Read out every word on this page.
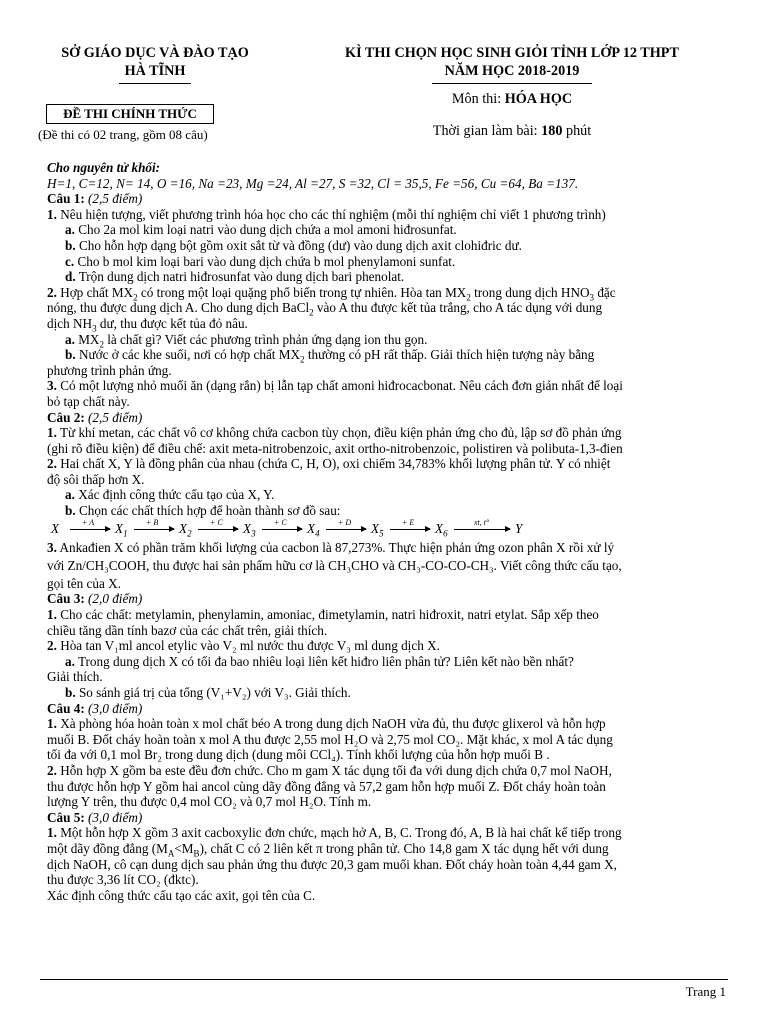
SỞ GIÁO DỤC VÀ ĐÀO TẠO

HÀ TĨNH

KÌ THI CHỌN HỌC SINH GIỎI TỈNH LỚP 12 THPT

NĂM HỌC 2018-2019

Môn thi: HÓA HỌC

Thời gian làm bài: 180 phút

ĐỀ THI CHÍNH THỨC
(Đề thi có 02 trang, gồm 08 câu)

Cho nguyên tử khối:

H=1, C=12, N= 14, O =16, Na =23, Mg =24, Al =27, S =32, Cl = 35,5, Fe =56, Cu =64, Ba =137.

Câu 1: (2,5 điểm)

1. Nêu hiện tượng, viết phương trình hóa học cho các thí nghiệm (mỗi thí nghiệm chỉ viết 1 phương trình)

a. Cho 2a mol kim loại natri vào dung dịch chứa a mol amoni hiđrosunfat.

b. Cho hỗn hợp dạng bột gồm oxit sắt từ và đồng (dư) vào dung dịch axit clohiđric dư.

c. Cho b mol kim loại bari vào dung dịch chứa b mol phenylamoni sunfat.

d. Trộn dung dịch natri hiđrosunfat vào dung dịch bari phenolat.

2. Hợp chất $MX_2$ có trong một loại quặng phổ biến trong tự nhiên. Hòa $\tan MX_2$ trong dung dịch $HNO_3$ đặc

nóng, thu được dung dịch A. Cho dung dịch BaCl$_2$ vào A thu được kết tủa trắng, cho A tác dụng với dung

dịch $NH_3$ dư, thu được kết tủa đỏ nâu.

a. $MX_2$ là chất gì? Viết các phương trình phản ứng dạng ion thu gọn.

b. Nước ở các khe suối, nơi có hợp chất $MX_2$ thường có pH rất thấp. Giải thích hiện tượng này bằng

phương trình phản ứng.

3. Có một lượng nhỏ muối ăn (dạng rắn) bị lẫn tạp chất amoni hiđrocacbonat. Nêu cách đơn giản nhất để loại

bỏ tạp chất này.

Câu 2: (2,5 điểm)

1. Từ khí metan, các chất vô cơ không chứa cacbon tùy chọn, điều kiện phản ứng cho đủ, lập sơ đồ phản ứng

(ghi rõ điều kiện) để điều chế: axit meta-nitrobenzoic, axit ortho-nitrobenzoic, polistiren và polibuta-1,3-đien

2. Hai chất X, Y là đồng phân của nhau (chứa C, H, O), oxi chiếm 34,783% khối lượng phân tử. Y có nhiệt

độ sôi thấp hơn X.

a. Xác định công thức cấu tạo của X, Y.

b. Chọn các chất thích hợp để hoàn thành sơ đồ sau:

X	+ A $X_1$
+ B $X_2$
+ C $X_3$
+ C $X_4$
+ D $X_5$
+ E $X_6$
xt, t° Y

3. Ankađien X có phần trăm khối lượng của cacbon là 87,273%. Thực hiện phản ứng ozon phân X rồi xử lý

với Zn/CH₃COOH, thu được hai sản phẩm hữu cơ là CH₃CHO và CH₃-CO-CO-CH₃. Viết công thức cấu tạo,

gọi tên của X.

Câu 3: (2,0 điểm)

1. Cho các chất: metylamin, phenylamin, amoniac, đimetylamin, natri hiđroxit, natri etylat. Sắp xếp theo

chiều tăng dần tính bazơ của các chất trên, giải thích.

2. Hòa tan V₁ml ancol etylic vào V₂ ml nước thu được V₃ ml dung dịch X.

a. Trong dung dịch X có tối đa bao nhiêu loại liên kết hiđro liên phân tử? Liên kết nào bền nhất?

Giải thích.

b. So sánh giá trị của tổng (V₁+V₂) với V₃. Giải thích.

Câu 4: (3,0 điểm)

1. Xà phòng hóa hoàn toàn x mol chất béo A trong dung dịch NaOH vừa đủ, thu được glixerol và hỗn hợp

muối B. Đốt cháy hoàn toàn x mol A thu được 2,55 mol H₂O và 2,75 mol CO₂. Mặt khác, x mol A tác dụng

tối đa với 0,1 mol Br₂ trong dung dịch (dung môi CCl₄). Tính khối lượng của hỗn hợp muối B .

2. Hỗn hợp X gồm ba este đều đơn chức. Cho m gam X tác dụng tối đa với dung dịch chứa 0,7 mol NaOH,

thu được hỗn hợp Y gồm hai ancol cùng dãy đồng đẳng và 57,2 gam hỗn hợp muối Z. Đốt cháy hoàn toàn

lượng Y trên, thu được 0,4 mol CO₂ và 0,7 mol H₂O. Tính m.

Câu 5: (3,0 điểm)

1. Một hỗn hợp X gồm 3 axit cacboxylic đơn chức, mạch hở A, B, C. Trong đó, A, B là hai chất kế tiếp trong

một dãy đồng đẳng $(M_A<M_B)$, chất C có 2 liên kết π trong phân tử. Cho 14,8 gam X tác dụng hết với dung

dịch NaOH, cô cạn dung dịch sau phản ứng thu được 20,3 gam muối khan. Đốt cháy hoàn toàn 4,44 gam X,

thu được 3,36 lít CO₂ (đktc).

Xác định công thức cấu tạo các axit, gọi tên của C.

Trang 1
